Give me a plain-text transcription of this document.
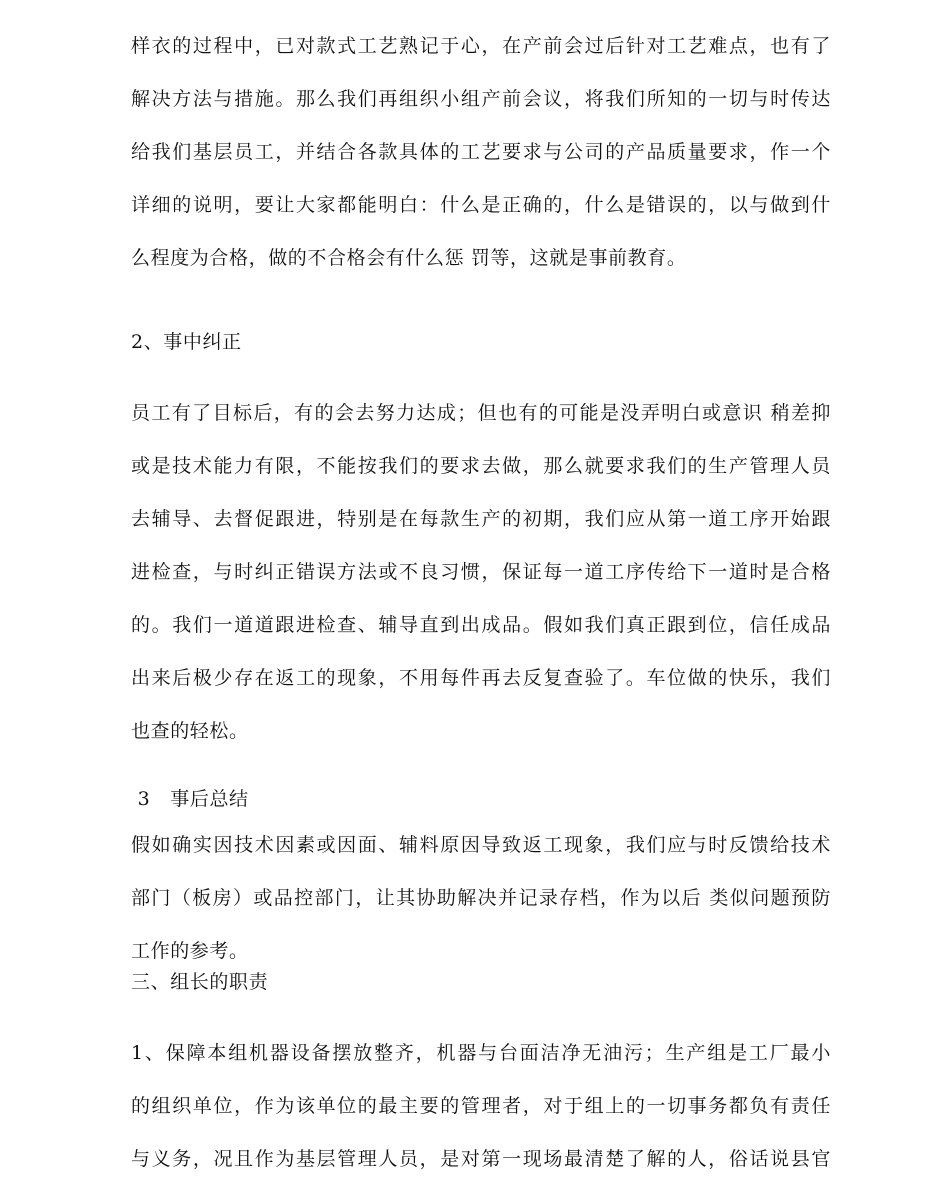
样衣的过程中，已对款式工艺熟记于心，在产前会过后针对工艺难点，也有了
解决方法与措施。那么我们再组织小组产前会议，将我们所知的一切与时传达
给我们基层员工，并结合各款具体的工艺要求与公司的产品质量要求，作一个
详细的说明，要让大家都能明白：什么是正确的，什么是错误的，以与做到什
么程度为合格，做的不合格会有什么惩 罚等，这就是事前教育。
2、事中纠正
员工有了目标后，有的会去努力达成；但也有的可能是没弄明白或意识 稍差抑
或是技术能力有限，不能按我们的要求去做，那么就要求我们的生产管理人员
去辅导、去督促跟进，特别是在每款生产的初期，我们应从第一道工序开始跟
进检查，与时纠正错误方法或不良习惯，保证每一道工序传给下一道时是合格
的。我们一道道跟进检查、辅导直到出成品。假如我们真正跟到位，信任成品
出来后极少存在返工的现象，不用每件再去反复查验了。车位做的快乐，我们
也查的轻松。
3   事后总结
假如确实因技术因素或因面、辅料原因导致返工现象，我们应与时反馈给技术
部门（板房）或品控部门，让其协助解决并记录存档，作为以后 类似问题预防
工作的参考。
三、组长的职责
1、保障本组机器设备摆放整齐，机器与台面洁净无油污；生产组是工厂最小
的组织单位，作为该单位的最主要的管理者，对于组上的一切事务都负有责任
与义务，况且作为基层管理人员，是对第一现场最清楚了解的人，俗话说县官
